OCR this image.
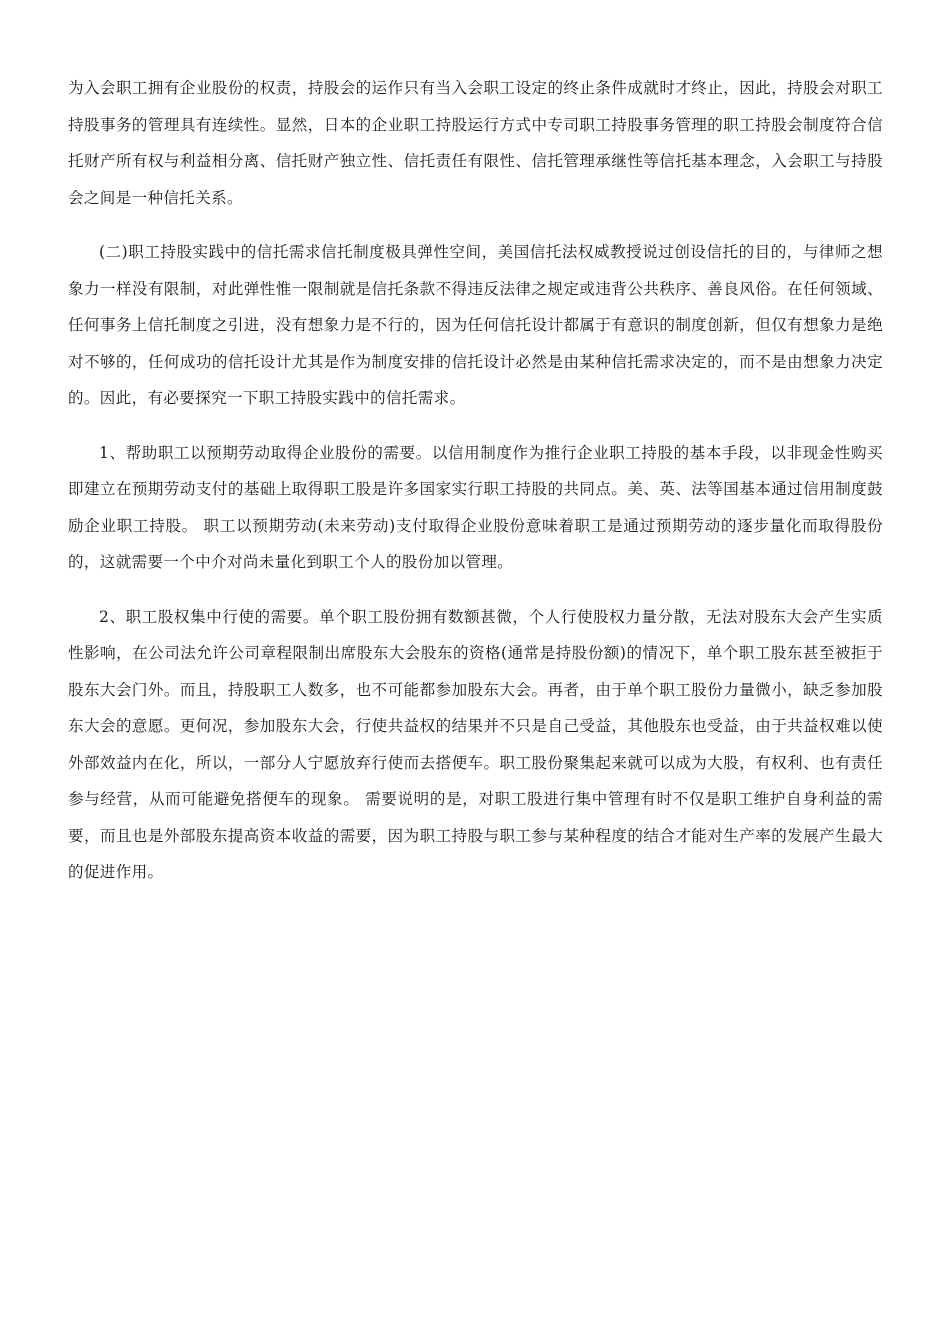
为入会职工拥有企业股份的权责，持股会的运作只有当入会职工设定的终止条件成就时才终止，因此，持股会对职工持股事务的管理具有连续性。显然，日本的企业职工持股运行方式中专司职工持股事务管理的职工持股会制度符合信托财产所有权与利益相分离、信托财产独立性、信托责任有限性、信托管理承继性等信托基本理念，入会职工与持股会之间是一种信托关系。

(二)职工持股实践中的信托需求信托制度极具弹性空间，美国信托法权威教授说过创设信托的目的，与律师之想象力一样没有限制，对此弹性惟一限制就是信托条款不得违反法律之规定或违背公共秩序、善良风俗。在任何领域、任何事务上信托制度之引进，没有想象力是不行的，因为任何信托设计都属于有意识的制度创新，但仅有想象力是绝对不够的，任何成功的信托设计尤其是作为制度安排的信托设计必然是由某种信托需求决定的，而不是由想象力决定的。因此，有必要探究一下职工持股实践中的信托需求。

1、帮助职工以预期劳动取得企业股份的需要。以信用制度作为推行企业职工持股的基本手段，以非现金性购买即建立在预期劳动支付的基础上取得职工股是许多国家实行职工持股的共同点。美、英、法等国基本通过信用制度鼓励企业职工持股。 职工以预期劳动(未来劳动)支付取得企业股份意味着职工是通过预期劳动的逐步量化而取得股份的，这就需要一个中介对尚未量化到职工个人的股份加以管理。

2、职工股权集中行使的需要。单个职工股份拥有数额甚微，个人行使股权力量分散，无法对股东大会产生实质性影响，在公司法允许公司章程限制出席股东大会股东的资格(通常是持股份额)的情况下，单个职工股东甚至被拒于股东大会门外。而且，持股职工人数多，也不可能都参加股东大会。再者，由于单个职工股份力量微小，缺乏参加股东大会的意愿。更何况，参加股东大会，行使共益权的结果并不只是自己受益，其他股东也受益，由于共益权难以使外部效益内在化，所以，一部分人宁愿放弃行使而去搭便车。职工股份聚集起来就可以成为大股，有权利、也有责任参与经营，从而可能避免搭便车的现象。 需要说明的是，对职工股进行集中管理有时不仅是职工维护自身利益的需要，而且也是外部股东提高资本收益的需要，因为职工持股与职工参与某种程度的结合才能对生产率的发展产生最大的促进作用。
